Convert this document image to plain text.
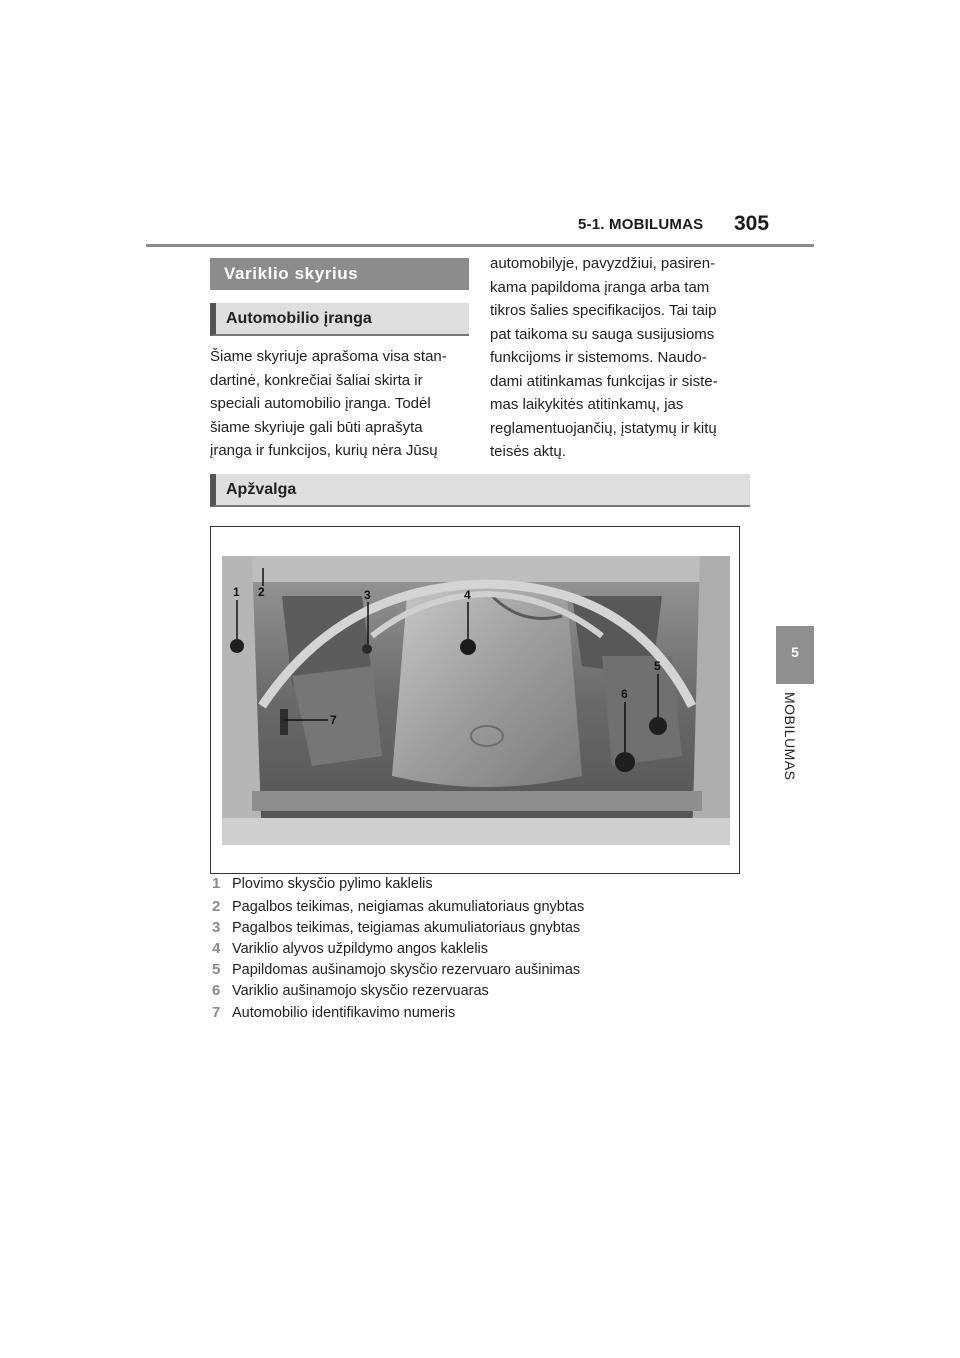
5-1. MOBILUMAS 305
5
MOBILUMAS
Variklio skyrius
Automobilio įranga
Šiame skyriuje aprašoma visa stan-
dartinė, konkrečiai šaliai skirta ir
speciali automobilio įranga. Todėl
šiame skyriuje gali būti aprašyta
įranga ir funkcijos, kurių nėra Jūsų
automobilyje, pavyzdžiui, pasiren-
kama papildoma įranga arba tam
tikros šalies specifikacijos. Tai taip
pat taikoma su sauga susijusioms
funkcijoms ir sistemoms. Naudo-
dami atitinkamas funkcijas ir siste-
mas laikykitės atitinkamų, jas
reglamentuojančių, įstatymų ir kitų
teisės aktų.
Apžvalga
1 2	3	4
5
6
7
1 Plovimo skysčio pylimo kaklelis
2 Pagalbos teikimas, neigiamas akumuliatoriaus gnybtas
3 Pagalbos teikimas, teigiamas akumuliatoriaus gnybtas
4 Variklio alyvos užpildymo angos kaklelis
5 Papildomas aušinamojo skysčio rezervuaro aušinimas
6 Variklio aušinamojo skysčio rezervuaras
7 Automobilio identifikavimo numeris
